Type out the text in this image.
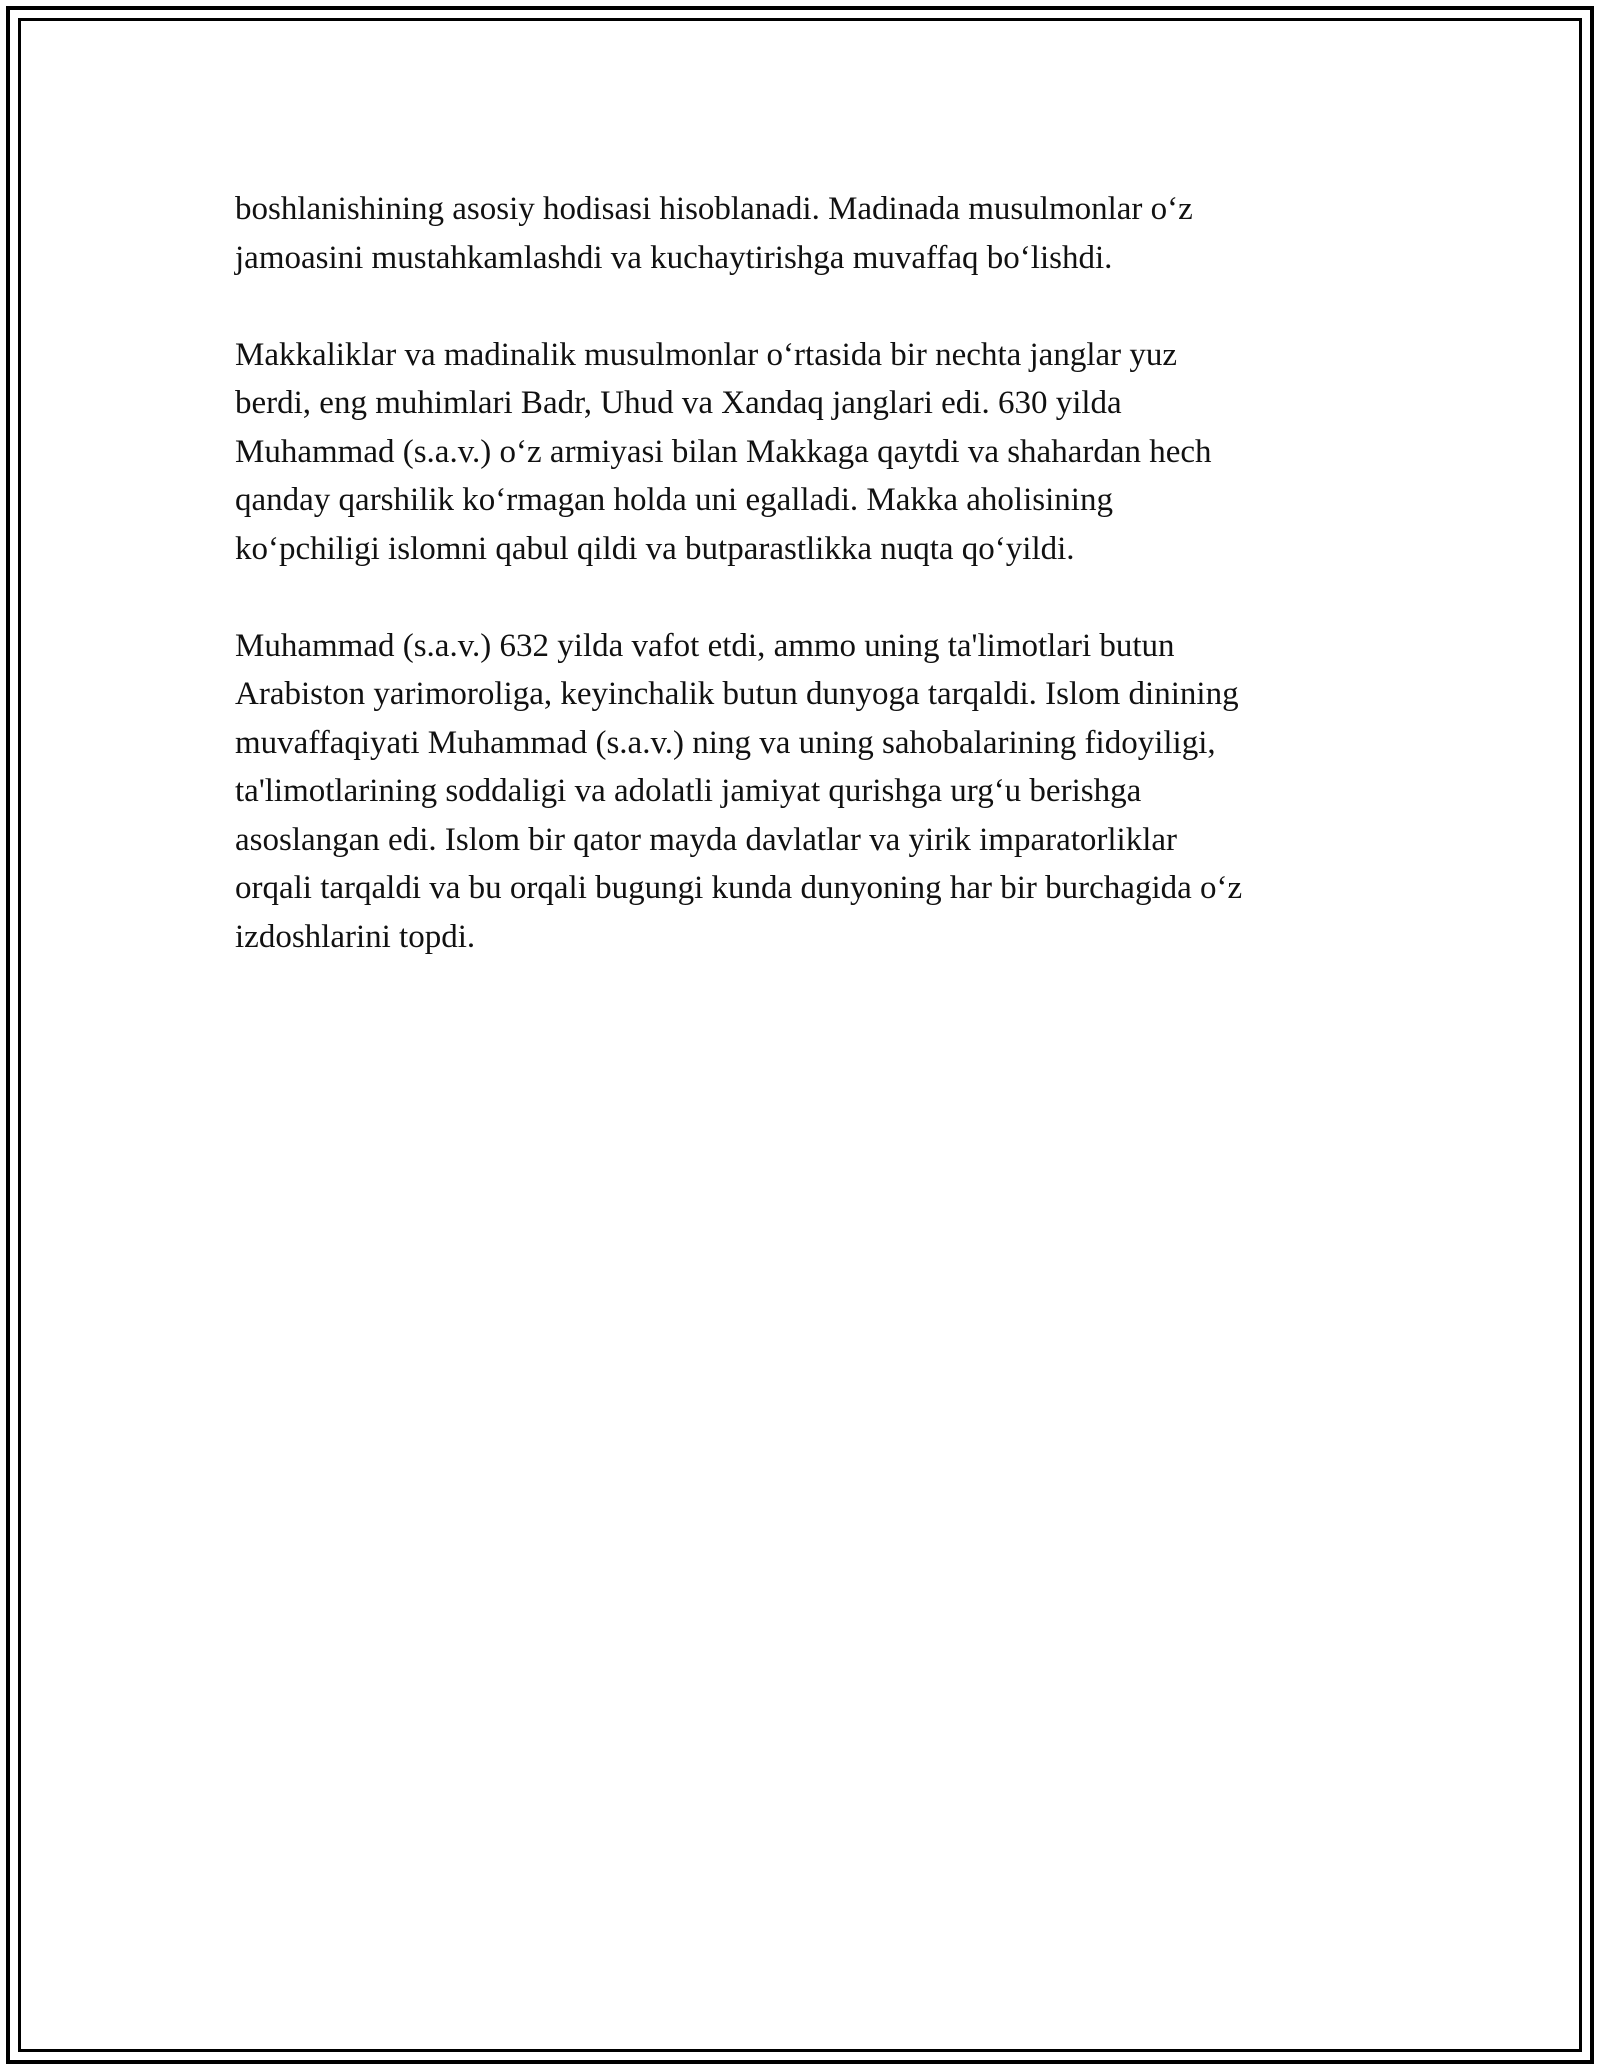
boshlanishining asosiy hodisasi hisoblanadi. Madinada musulmonlar o‘z
jamoasini mustahkamlashdi va kuchaytirishga muvaffaq bo‘lishdi.

Makkaliklar va madinalik musulmonlar o‘rtasida bir nechta janglar yuz
berdi, eng muhimlari Badr, Uhud va Xandaq janglari edi. 630 yilda
Muhammad (s.a.v.) o‘z armiyasi bilan Makkaga qaytdi va shahardan hech
qanday qarshilik ko‘rmagan holda uni egalladi. Makka aholisining
ko‘pchiligi islomni qabul qildi va butparastlikka nuqta qo‘yildi.

Muhammad (s.a.v.) 632 yilda vafot etdi, ammo uning ta'limotlari butun
Arabiston yarimoroliga, keyinchalik butun dunyoga tarqaldi. Islom dinining
muvaffaqiyati Muhammad (s.a.v.) ning va uning sahobalarining fidoyiligi,
ta'limotlarining soddaligi va adolatli jamiyat qurishga urg‘u berishga
asoslangan edi. Islom bir qator mayda davlatlar va yirik imparatorliklar
orqali tarqaldi va bu orqali bugungi kunda dunyoning har bir burchagida o‘z
izdoshlarini topdi.
